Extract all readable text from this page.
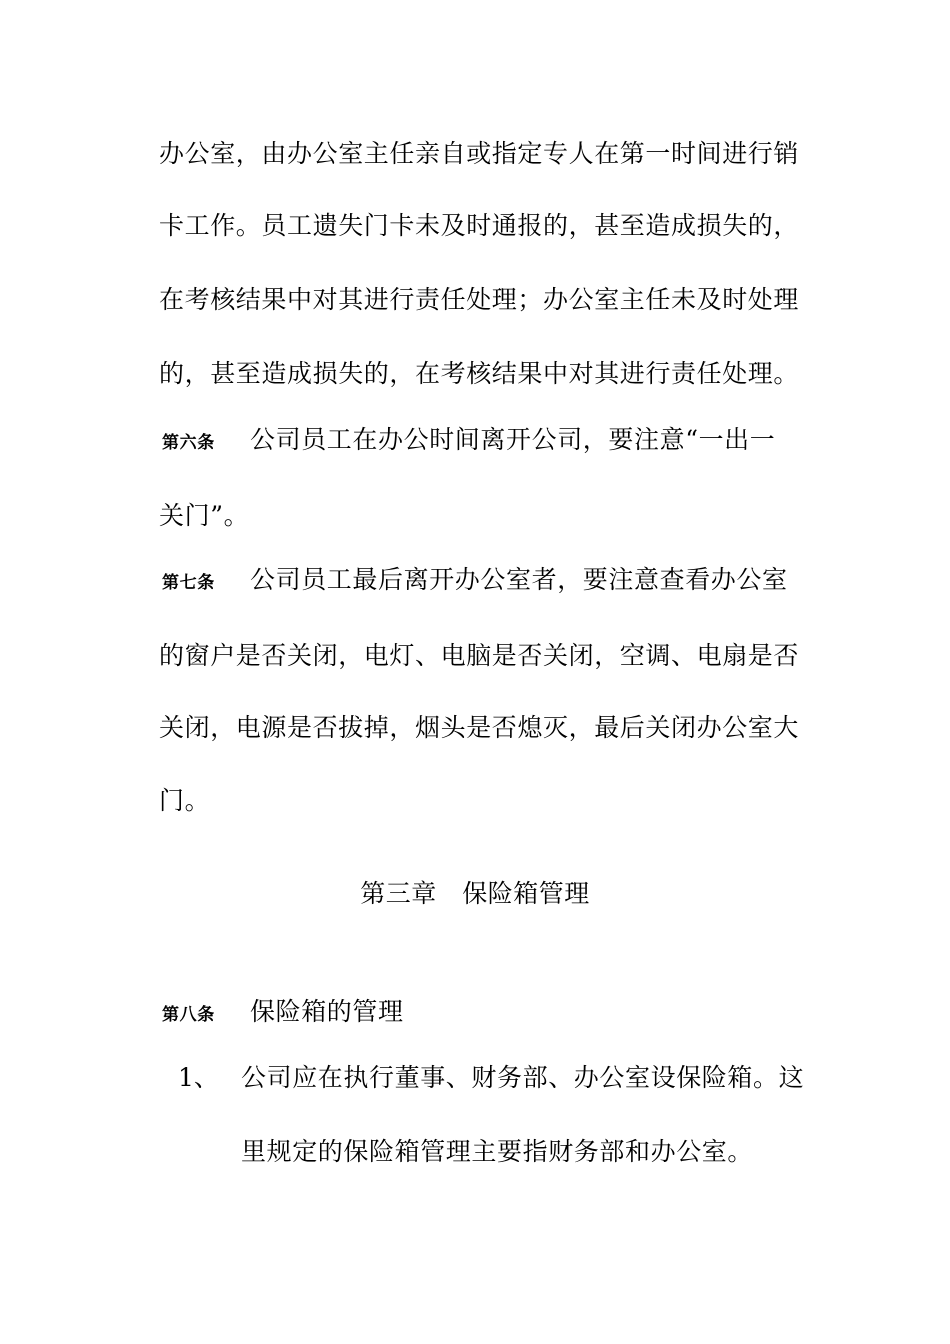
办公室，由办公室主任亲自或指定专人在第一时间进行销
卡工作。员工遗失门卡未及时通报的，甚至造成损失的，
在考核结果中对其进行责任处理；办公室主任未及时处理
的，甚至造成损失的，在考核结果中对其进行责任处理。
第六条 公司员工在办公时间离开公司，要注意“一出一
关门”。
第七条 公司员工最后离开办公室者，要注意查看办公室
的窗户是否关闭，电灯、电脑是否关闭，空调、电扇是否
关闭，电源是否拔掉，烟头是否熄灭，最后关闭办公室大
门。
第三章　保险箱管理
第八条 保险箱的管理
1、 公司应在执行董事、财务部、办公室设保险箱。这
里规定的保险箱管理主要指财务部和办公室。
